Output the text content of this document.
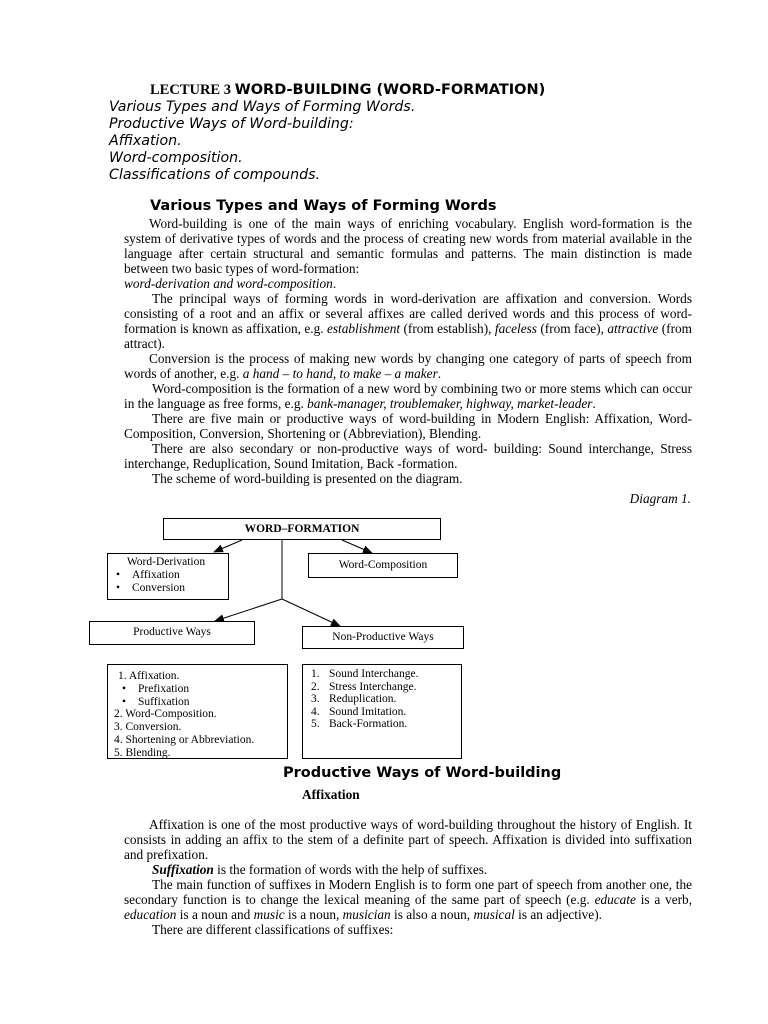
LECTURE 3 WORD-BUILDING (WORD-FORMATION)
Various Types and Ways of Forming Words.
Productive Ways of Word-building:
Affixation.
Word-composition.
Classifications of compounds.
Various Types and Ways of Forming Words

Word-building is one of the main ways of enriching vocabulary. English word-formation is the system of derivative types of words and the process of creating new words from material available in the language after certain structural and semantic formulas and patterns. The main distinction is made between two basic types of word-formation:

word-derivation and word-composition.

The principal ways of forming words in word-derivation are affixation and conversion. Words consisting of a root and an affix or several affixes are called derived words and this process of word- formation is known as affixation, e.g. establishment (from establish), faceless (from face), attractive (from attract).

Conversion is the process of making new words by changing one category of parts of speech from words of another, e.g. a hand – to hand, to make – a maker.

Word-composition is the formation of a new word by combining two or more stems which can occur in the language as free forms, e.g. bank-manager, troublemaker, highway, market-leader.

There are five main or productive ways of word-building in Modern English: Affixation, Word-Composition, Conversion, Shortening or (Abbreviation), Blending.

There are also secondary or non-productive ways of word- building: Sound interchange, Stress interchange, Reduplication, Sound Imitation, Back -formation.

The scheme of word-building is presented on the diagram.

Diagram 1.
WORD–FORMATION
Word-Derivation
• Affixation
• Conversion
Word-Composition
Productive Ways	Non-Productive Ways
1. Affixation.
• Prefixation
• Suffixation
2. Word-Composition.
3. Conversion.
4. Shortening or Abbreviation.
5. Blending.
1. Sound Interchange.
2. Stress Interchange.
3. Reduplication.
4. Sound Imitation.
5. Back-Formation.
Productive Ways of Word-building
Affixation

Affixation is one of the most productive ways of word-building throughout the history of English. It consists in adding an affix to the stem of a definite part of speech. Affixation is divided into suffixation and prefixation.

Suffixation is the formation of words with the help of suffixes.

The main function of suffixes in Modern English is to form one part of speech from another one, the secondary function is to change the lexical meaning of the same part of speech (e.g. educate is a verb, education is a noun and music is a noun, musician is also a noun, musical is an adjective).

There are different classifications of suffixes:
